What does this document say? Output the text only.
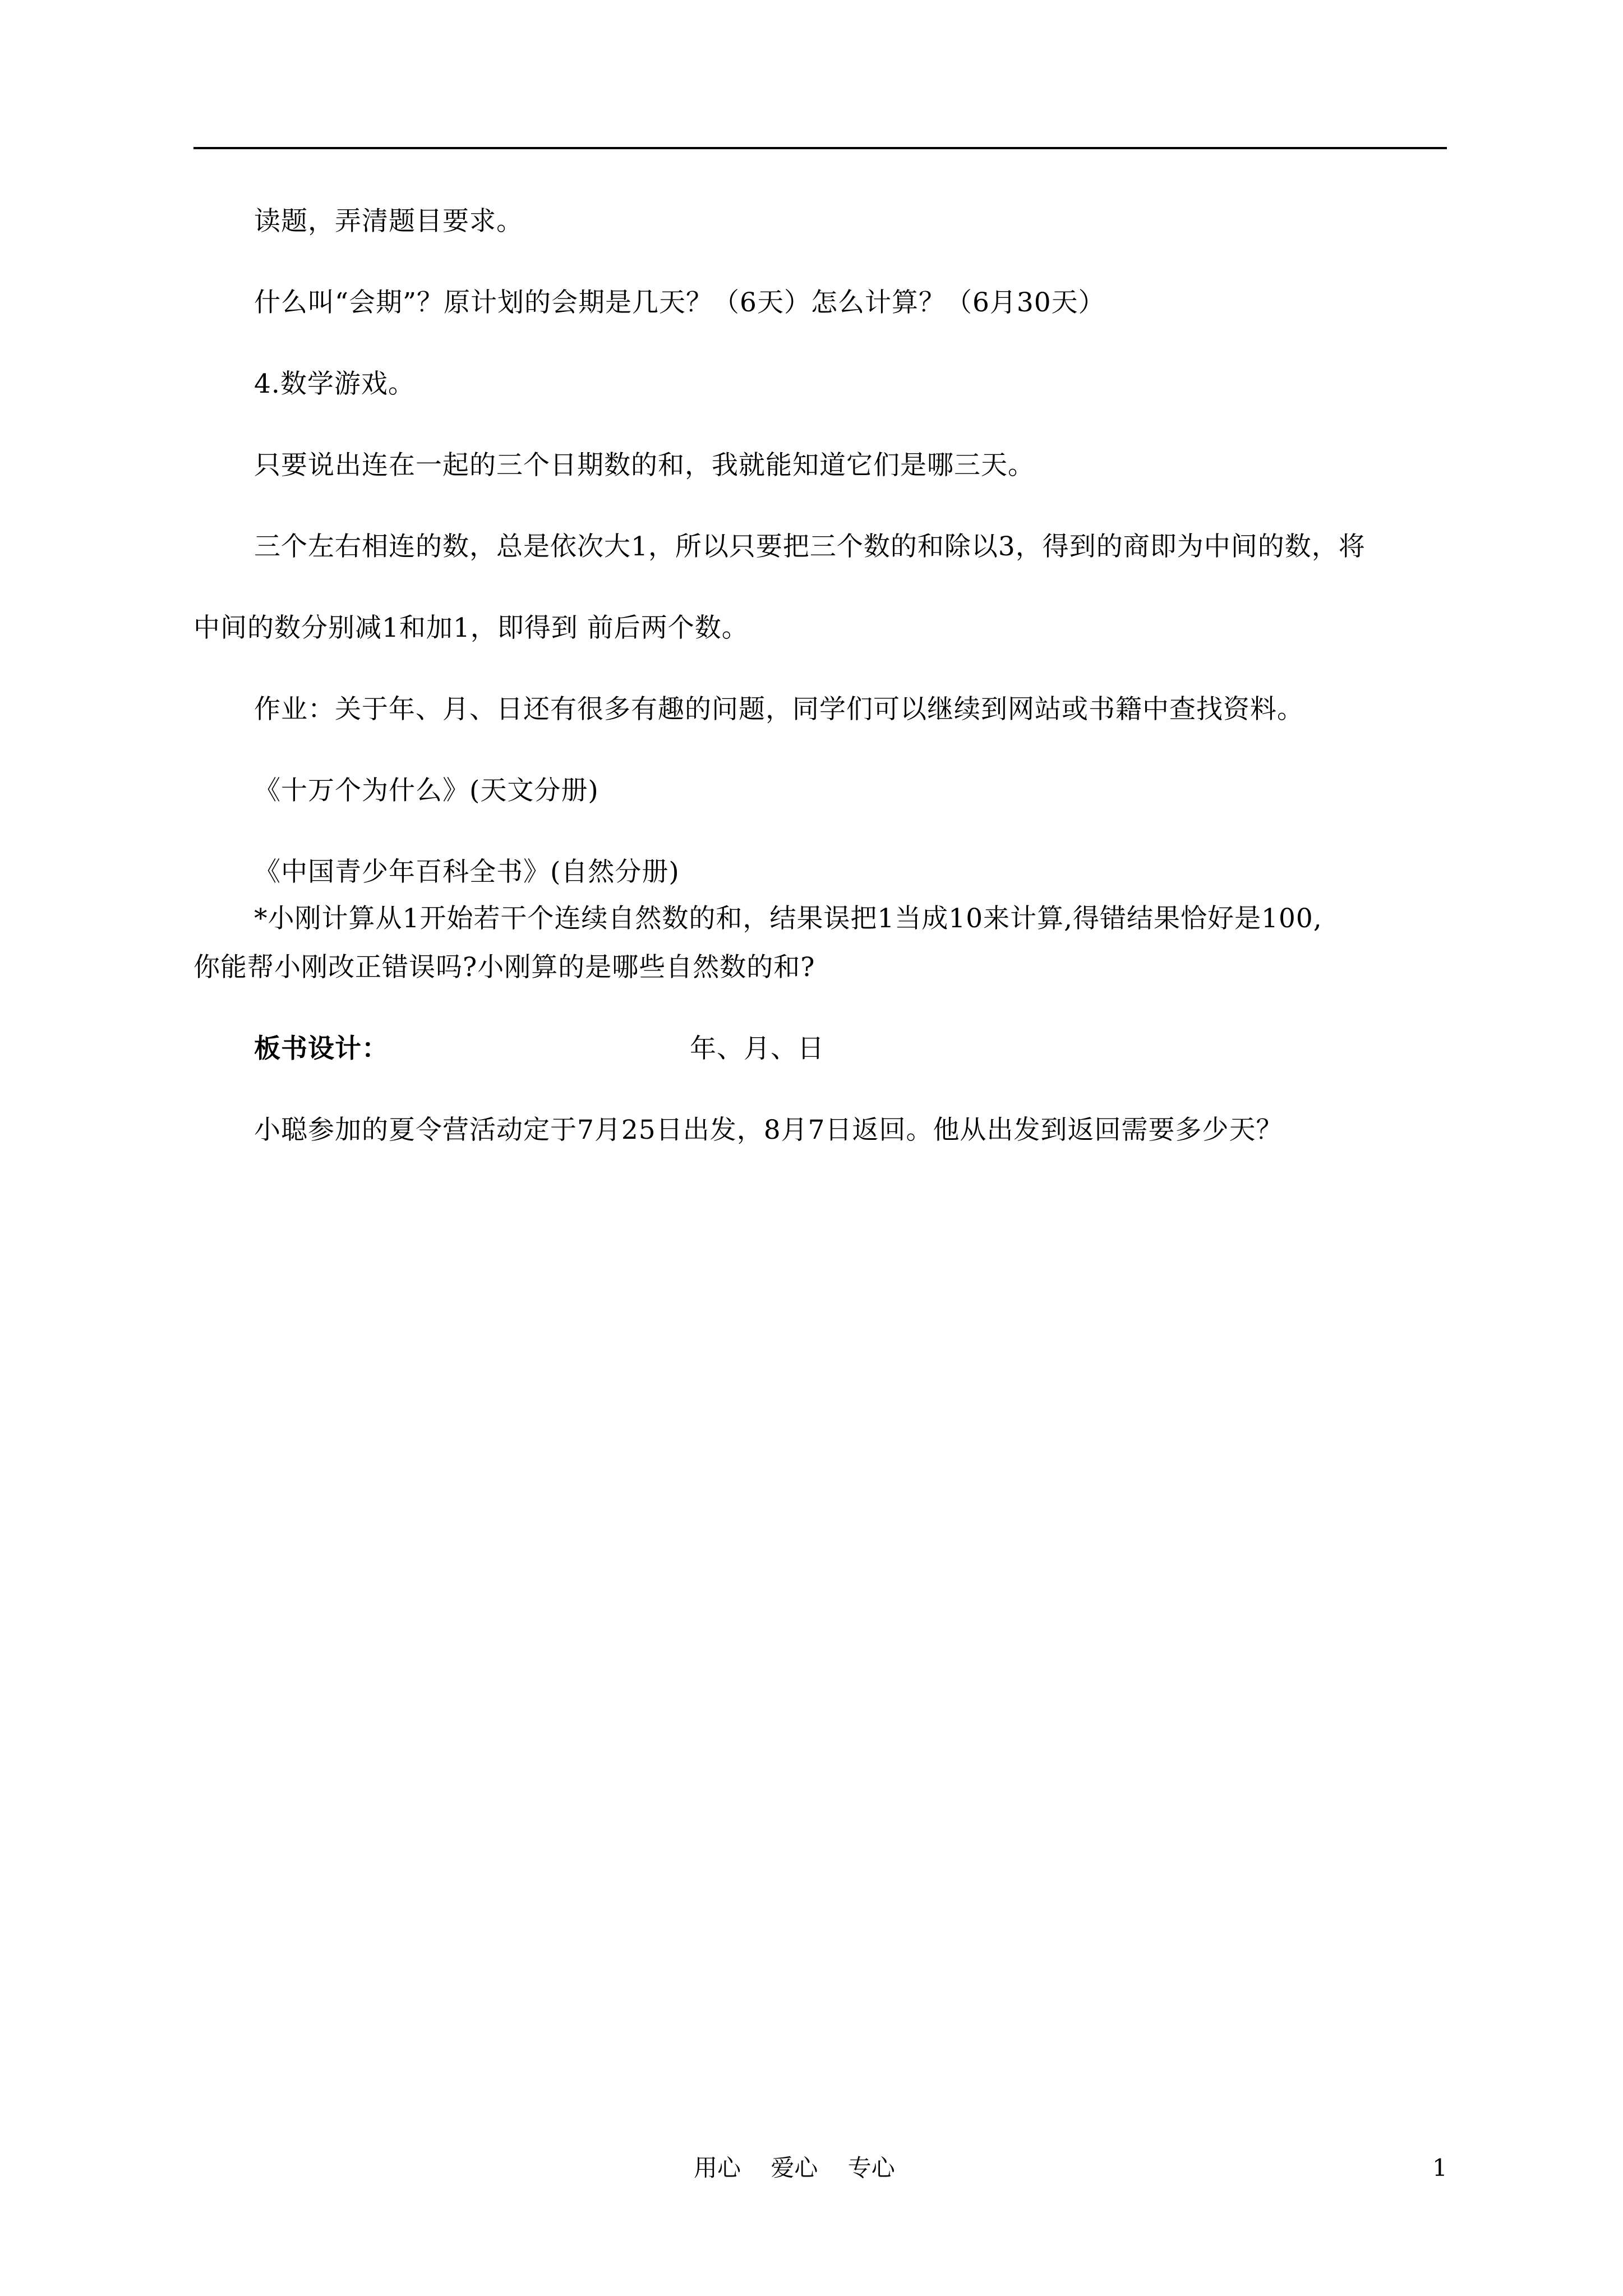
读题，弄清题目要求。
什么叫“会期”？原计划的会期是几天？（6天）怎么计算？（6月30天）
4.数学游戏。
只要说出连在一起的三个日期数的和，我就能知道它们是哪三天。
三个左右相连的数，总是依次大1，所以只要把三个数的和除以3，得到的商即为中间的数，将
中间的数分别减1和加1，即得到 前后两个数。
作业：关于年、月、日还有很多有趣的问题，同学们可以继续到网站或书籍中查找资料。
《十万个为什么》(天文分册)
《中国青少年百科全书》(自然分册)
*小刚计算从1开始若干个连续自然数的和，结果误把1当成10来计算,得错结果恰好是100,
你能帮小刚改正错误吗?小刚算的是哪些自然数的和?
板书设计：	年、月、日
小聪参加的夏令营活动定于7月25日出发，8月7日返回。他从出发到返回需要多少天？
用心    爱心    专心	1
